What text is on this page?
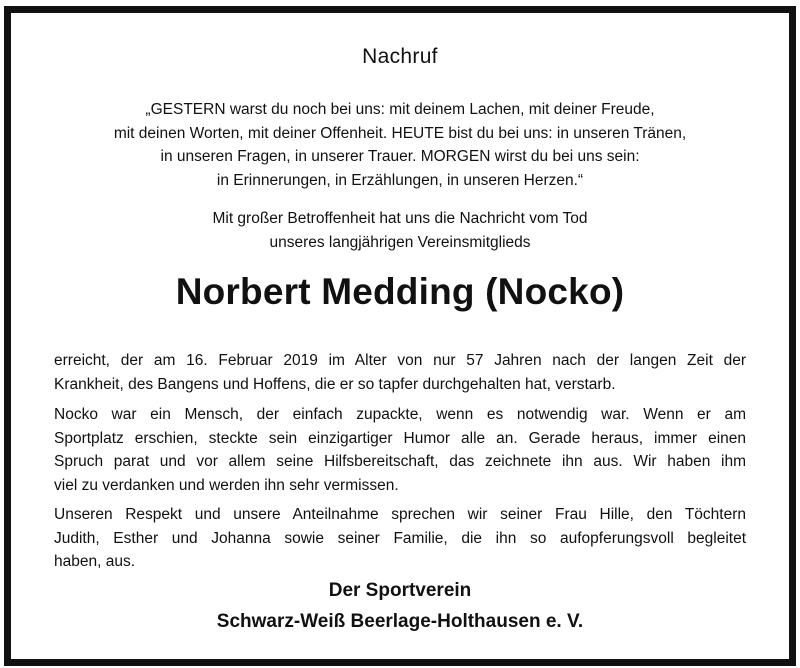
Nachruf
„GESTERN warst du noch bei uns: mit deinem Lachen, mit deiner Freude,
mit deinen Worten, mit deiner Offenheit. HEUTE bist du bei uns: in unseren Tränen,
in unseren Fragen, in unserer Trauer. MORGEN wirst du bei uns sein:
in Erinnerungen, in Erzählungen, in unseren Herzen.“
Mit großer Betroffenheit hat uns die Nachricht vom Tod
unseres langjährigen Vereinsmitglieds
Norbert Medding (Nocko)
erreicht, der am 16. Februar 2019 im Alter von nur 57 Jahren nach der langen Zeit der
Krankheit, des Bangens und Hoffens, die er so tapfer durchgehalten hat, verstarb.
Nocko war ein Mensch, der einfach zupackte, wenn es notwendig war. Wenn er am
Sportplatz erschien, steckte sein einzigartiger Humor alle an. Gerade heraus, immer einen
Spruch parat und vor allem seine Hilfsbereitschaft, das zeichnete ihn aus. Wir haben ihm
viel zu verdanken und werden ihn sehr vermissen.
Unseren Respekt und unsere Anteilnahme sprechen wir seiner Frau Hille, den Töchtern
Judith, Esther und Johanna sowie seiner Familie, die ihn so aufopferungsvoll begleitet
haben, aus.
Der Sportverein
Schwarz-Weiß Beerlage-Holthausen e. V.
